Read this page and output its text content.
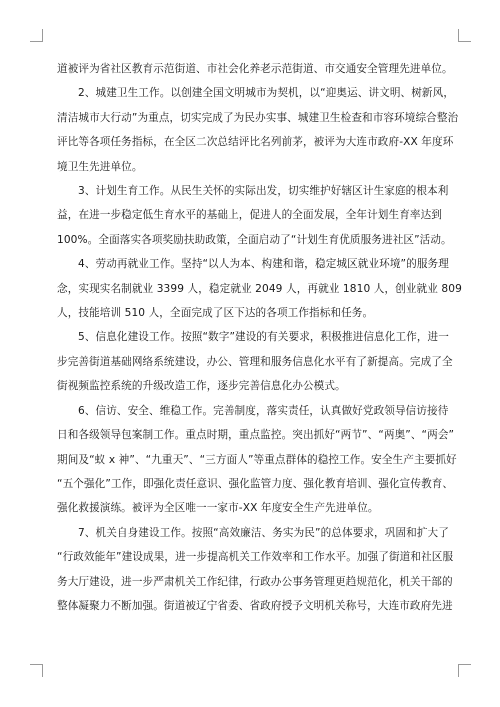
道被评为省社区教育示范街道、市社会化养老示范街道、市交通安全管理先进单位。

2、城建卫生工作。以创建全国文明城市为契机，以“迎奥运、讲文明、树新风，
清洁城市大行动”为重点，切实完成了为民办实事、城建卫生检查和市容环境综合整治
评比等各项任务指标，在全区二次总结评比名列前茅，被评为大连市政府-XX 年度环
境卫生先进单位。

3、计划生育工作。从民生关怀的实际出发，切实维护好辖区计生家庭的根本利
益，在进一步稳定低生育水平的基础上，促进人的全面发展，全年计划生育率达到
100%。全面落实各项奖励扶助政策，全面启动了“计划生育优质服务进社区”活动。

4、劳动再就业工作。坚持“以人为本、构建和谐，稳定城区就业环境”的服务理
念，实现实名制就业 3399 人，稳定就业 2049 人，再就业 1810 人，创业就业 809
人，技能培训 510 人，全面完成了区下达的各项工作指标和任务。

5、信息化建设工作。按照“数字”建设的有关要求，积极推进信息化工作，进一
步完善街道基础网络系统建设，办公、管理和服务信息化水平有了新提高。完成了全
街视频监控系统的升级改造工作，逐步完善信息化办公模式。

6、信访、安全、维稳工作。完善制度，落实责任，认真做好党政领导信访接待
日和各级领导包案制工作。重点时期，重点监控。突出抓好“两节”、“两奥”、“两会”
期间及“蚁 x 神”、“九重天”、“三方面人”等重点群体的稳控工作。安全生产主要抓好
“五个强化”工作，即强化责任意识、强化监管力度、强化教育培训、强化宣传教育、
强化救援演练。被评为全区唯一一家市-XX 年度安全生产先进单位。

7、机关自身建设工作。按照“高效廉洁、务实为民”的总体要求，巩固和扩大了
“行政效能年”建设成果，进一步提高机关工作效率和工作水平。加强了街道和社区服
务大厅建设，进一步严肃机关工作纪律，行政办公事务管理更趋规范化，机关干部的
整体凝聚力不断加强。街道被辽宁省委、省政府授予文明机关称号，大连市政府先进
